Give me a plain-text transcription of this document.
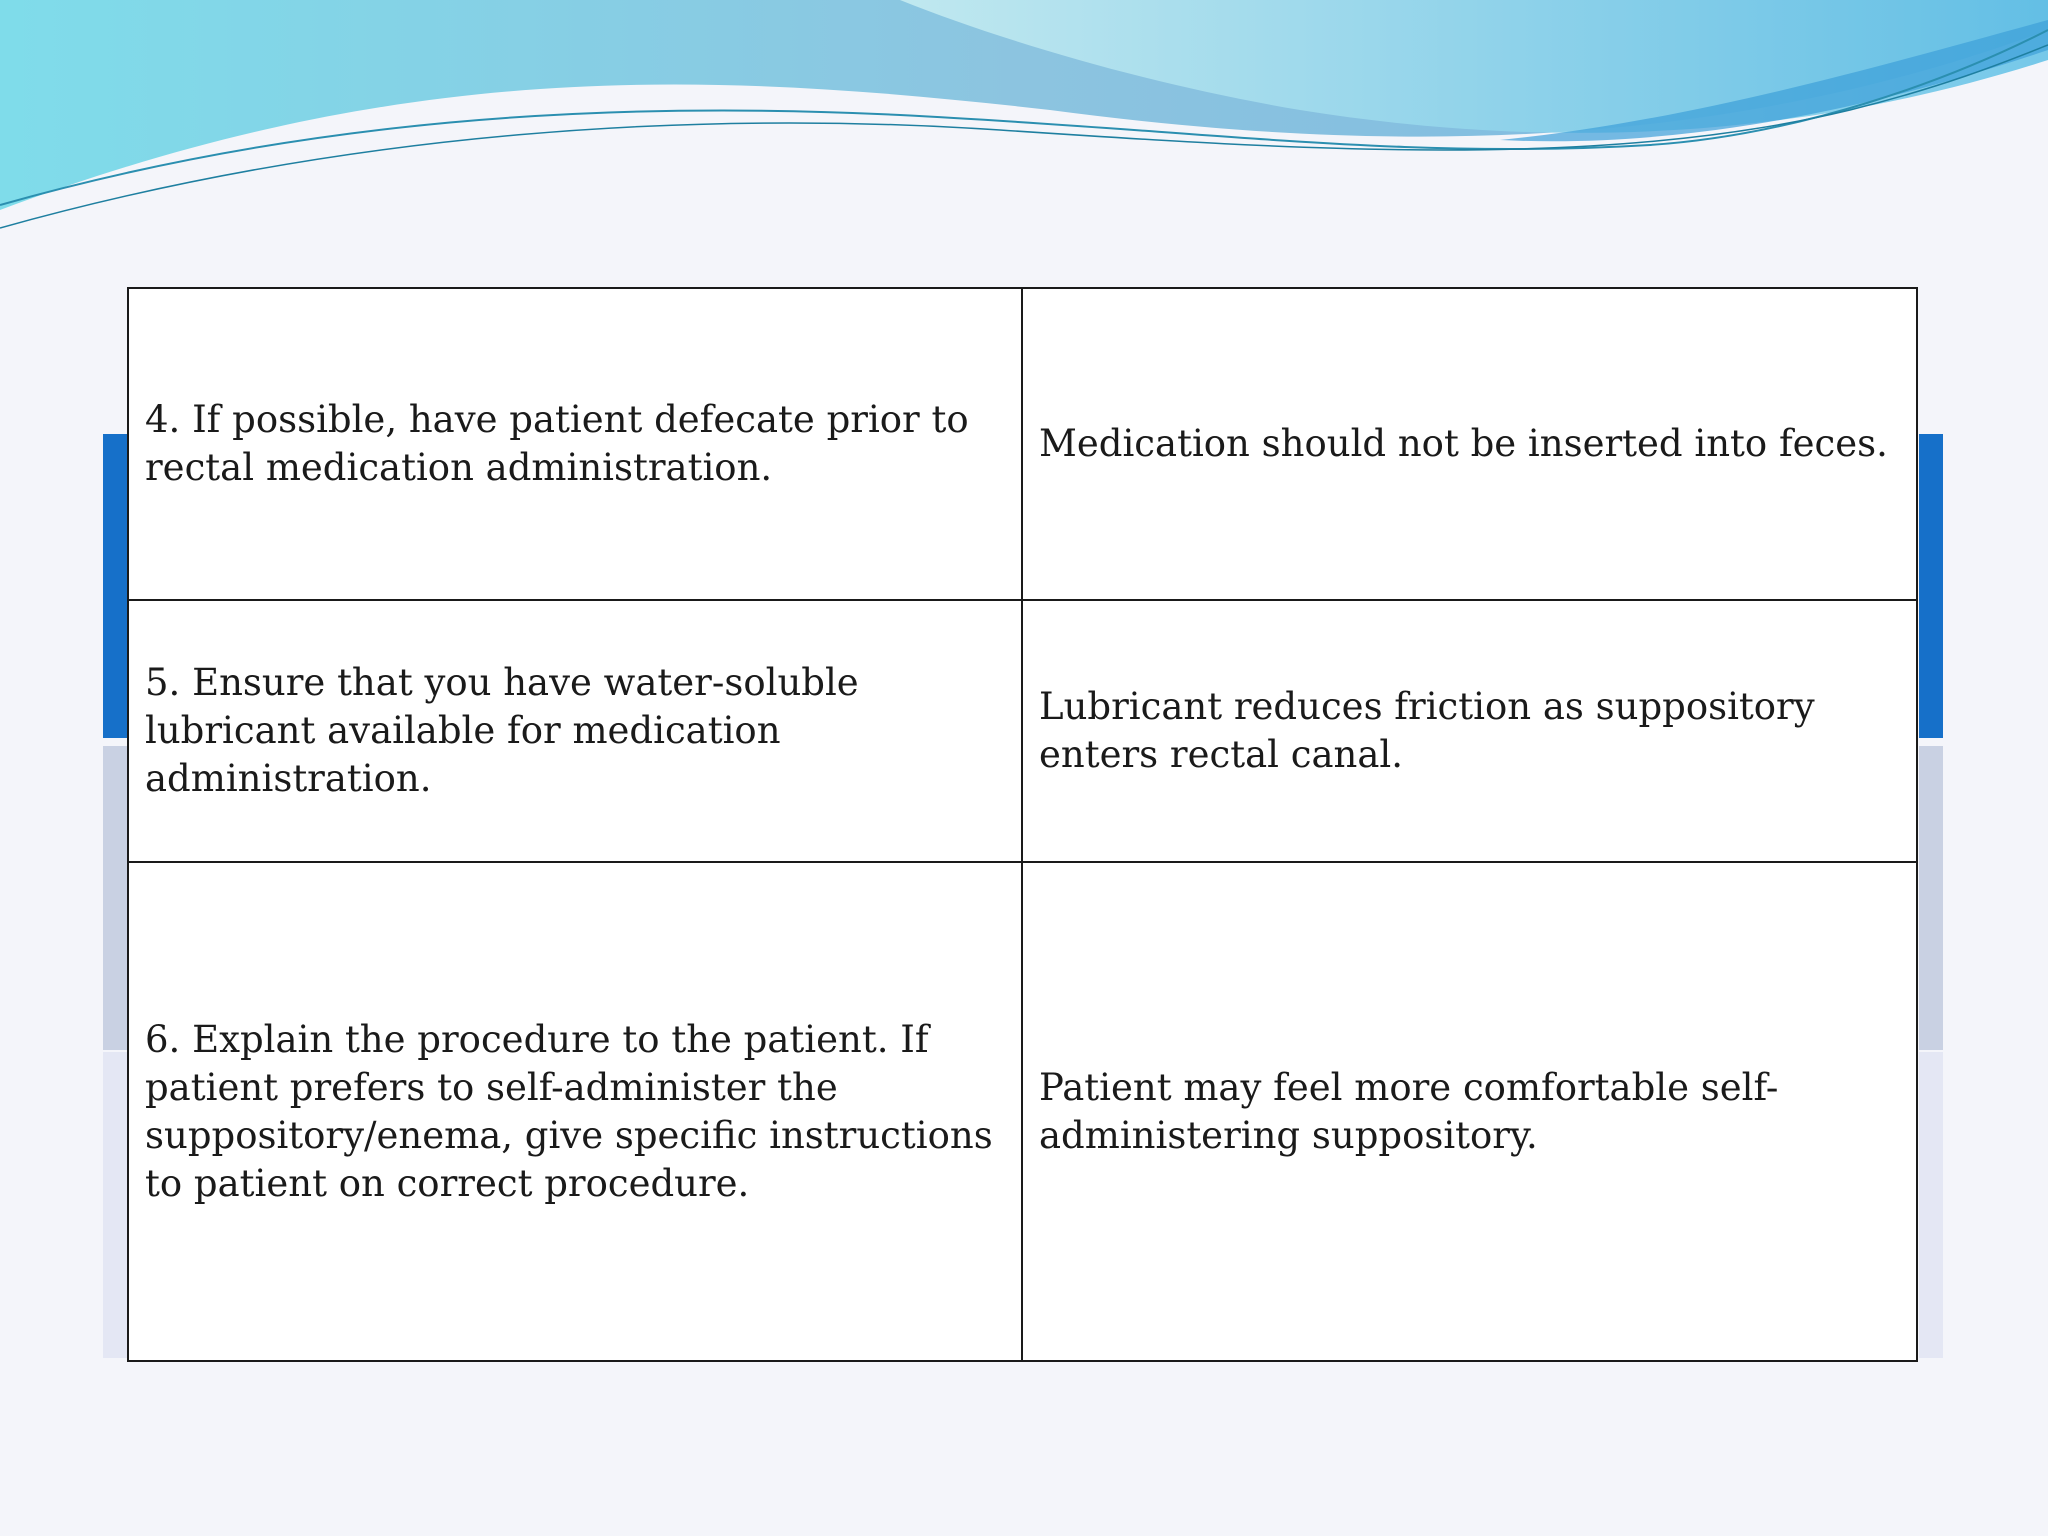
4. If possible, have patient defecate prior to rectal medication administration.	Medication should not be inserted into feces.
5. Ensure that you have water-soluble lubricant available for medication administration.	Lubricant reduces friction as suppository enters rectal canal.
6. Explain the procedure to the patient. If patient prefers to self-administer the suppository/enema, give specific instructions to patient on correct procedure.	Patient may feel more comfortable self-administering suppository.
